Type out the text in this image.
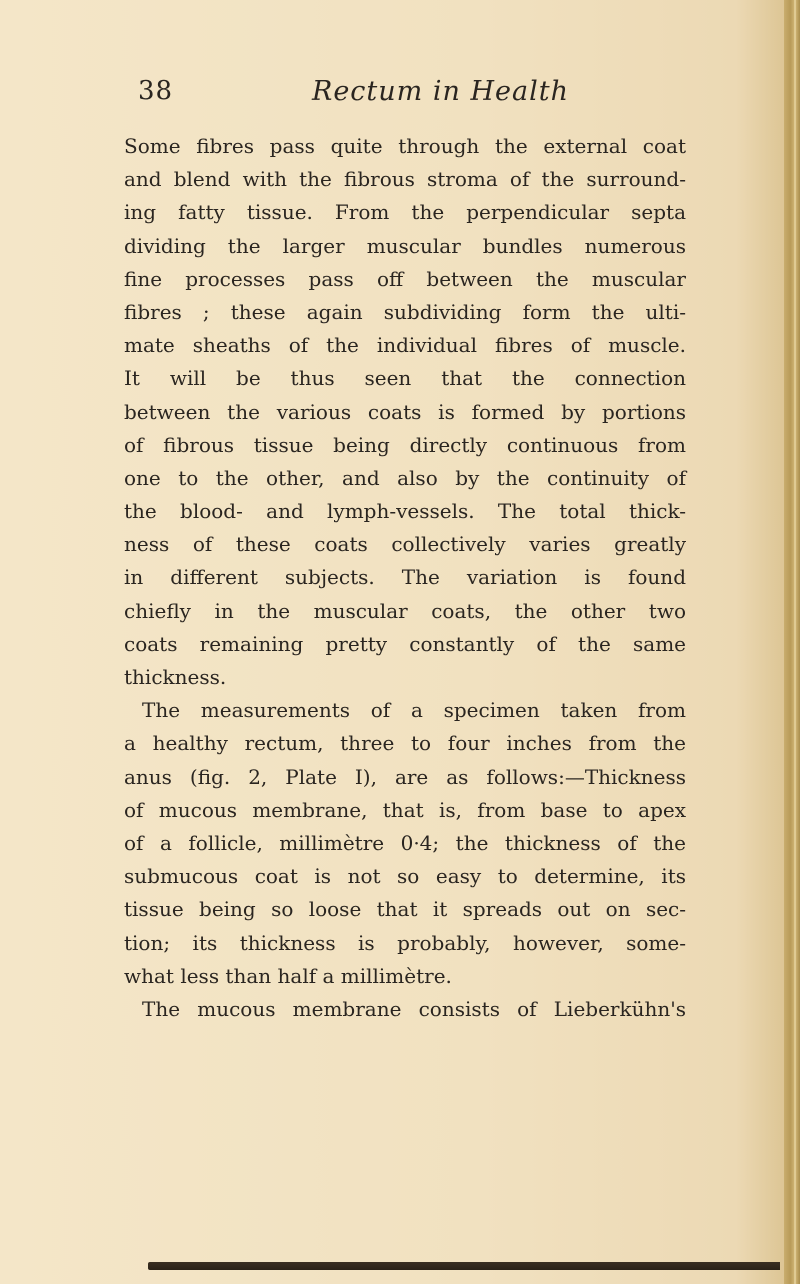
38	Rectum in Health
Some fibres pass quite through the external coat
and blend with the fibrous stroma of the surround-
ing fatty tissue. From the perpendicular septa
dividing the larger muscular bundles numerous
fine processes pass off between the muscular
fibres ; these again subdividing form the ulti-
mate sheaths of the individual fibres of muscle.
It will be thus seen that the connection
between the various coats is formed by portions
of fibrous tissue being directly continuous from
one to the other, and also by the continuity of
the blood- and lymph-vessels. The total thick-
ness of these coats collectively varies greatly
in different subjects. The variation is found
chiefly in the muscular coats, the other two
coats remaining pretty constantly of the same
thickness.
The measurements of a specimen taken from
a healthy rectum, three to four inches from the
anus (fig. 2, Plate I), are as follows:—Thickness
of mucous membrane, that is, from base to apex
of a follicle, millimètre 0·4; the thickness of the
submucous coat is not so easy to determine, its
tissue being so loose that it spreads out on sec-
tion; its thickness is probably, however, some-
what less than half a millimètre.
The mucous membrane consists of Lieberkühn's
